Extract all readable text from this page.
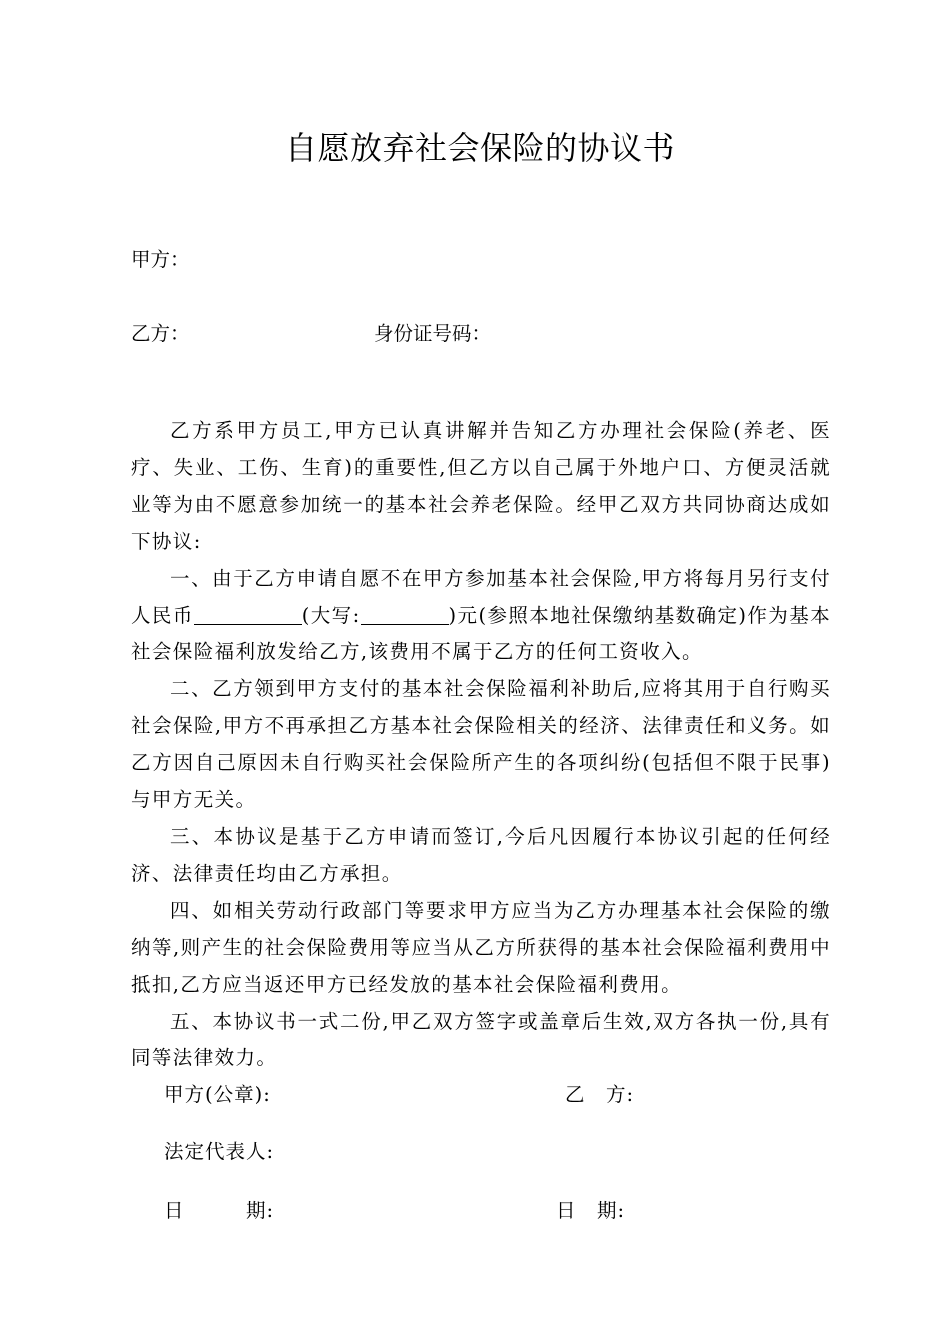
自愿放弃社会保险的协议书
甲方：
乙方：	身份证号码：

乙方系甲方员工,甲方已认真讲解并告知乙方办理社会保险(养老、医疗、失业、工伤、生育)的重要性,但乙方以自己属于外地户口、方便灵活就业等为由不愿意参加统一的基本社会养老保险。经甲乙双方共同协商达成如下协议:

一、由于乙方申请自愿不在甲方参加基本社会保险,甲方将每月另行支付人民币	(大写:	)元(参照本地社保缴纳基数确定)作为基本社会保险福利放发给乙方,该费用不属于乙方的任何工资收入。

二、乙方领到甲方支付的基本社会保险福利补助后,应将其用于自行购买社会保险,甲方不再承担乙方基本社会保险相关的经济、法律责任和义务。如乙方因自己原因未自行购买社会保险所产生的各项纠纷(包括但不限于民事)与甲方无关。

三、本协议是基于乙方申请而签订,今后凡因履行本协议引起的任何经济、法律责任均由乙方承担。

四、如相关劳动行政部门等要求甲方应当为乙方办理基本社会保险的缴纳等,则产生的社会保险费用等应当从乙方所获得的基本社会保险福利费用中抵扣,乙方应当返还甲方已经发放的基本社会保险福利费用。

五、本协议书一式二份,甲乙双方签字或盖章后生效,双方各执一份,具有同等法律效力。

甲方(公章):	乙　方:
法定代表人:
日　　　期:	日　期:
